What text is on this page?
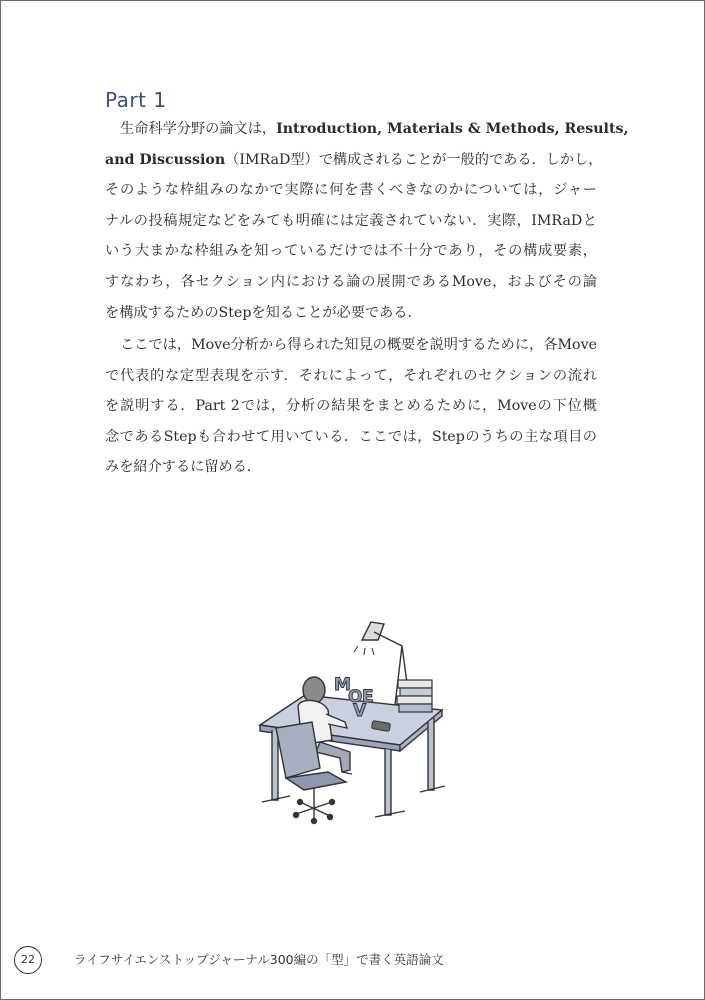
Part 1
生命科学分野の論文は，Introduction, Materials & Methods, Results,
and Discussion（IMRaD型）で構成されることが一般的である．しかし，
そのような枠組みのなかで実際に何を書くべきなのかについては，ジャー
ナルの投稿規定などをみても明確には定義されていない．実際，IMRaDと
いう大まかな枠組みを知っているだけでは不十分であり，その構成要素，
すなわち，各セクション内における論の展開であるMove，およびその論
を構成するためのStepを知ることが必要である．
ここでは，Move分析から得られた知見の概要を説明するために，各Move
で代表的な定型表現を示す．それによって，それぞれのセクションの流れ
を説明する．Part 2では，分析の結果をまとめるために，Moveの下位概
念であるStepも合わせて用いている．ここでは，Stepのうちの主な項目の
みを紹介するに留める．
M
O
V
E
22	ライフサイエンストップジャーナル300編の「型」で書く英語論文
